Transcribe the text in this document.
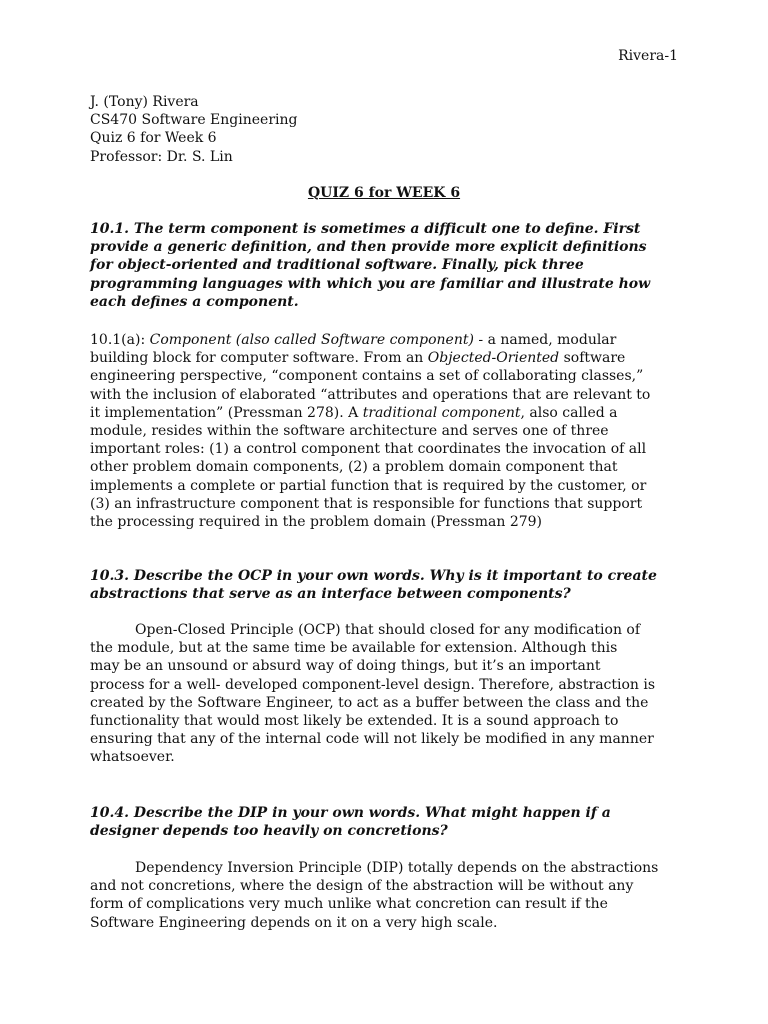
Rivera-1
J. (Tony) Rivera
CS470 Software Engineering
Quiz 6 for Week 6
Professor: Dr. S. Lin
QUIZ 6 for WEEK 6
10.1. The term component is sometimes a difficult one to define. First
provide a generic definition, and then provide more explicit definitions
for object-oriented and traditional software. Finally, pick three
programming languages with which you are familiar and illustrate how
each defines a component.
10.1(a): Component (also called Software component) - a named, modular
building block for computer software. From an Objected-Oriented software
engineering perspective, “component contains a set of collaborating classes,”
with the inclusion of elaborated “attributes and operations that are relevant to
it implementation” (Pressman 278). A traditional component, also called a
module, resides within the software architecture and serves one of three
important roles: (1) a control component that coordinates the invocation of all
other problem domain components, (2) a problem domain component that
implements a complete or partial function that is required by the customer, or
(3) an infrastructure component that is responsible for functions that support
the processing required in the problem domain (Pressman 279)
10.3. Describe the OCP in your own words. Why is it important to create
abstractions that serve as an interface between components?
Open-Closed Principle (OCP) that should closed for any modification of
the module, but at the same time be available for extension. Although this
may be an unsound or absurd way of doing things, but it’s an important
process for a well- developed component-level design. Therefore, abstraction is
created by the Software Engineer, to act as a buffer between the class and the
functionality that would most likely be extended. It is a sound approach to
ensuring that any of the internal code will not likely be modified in any manner
whatsoever.
10.4. Describe the DIP in your own words. What might happen if a
designer depends too heavily on concretions?
Dependency Inversion Principle (DIP) totally depends on the abstractions
and not concretions, where the design of the abstraction will be without any
form of complications very much unlike what concretion can result if the
Software Engineering depends on it on a very high scale.
